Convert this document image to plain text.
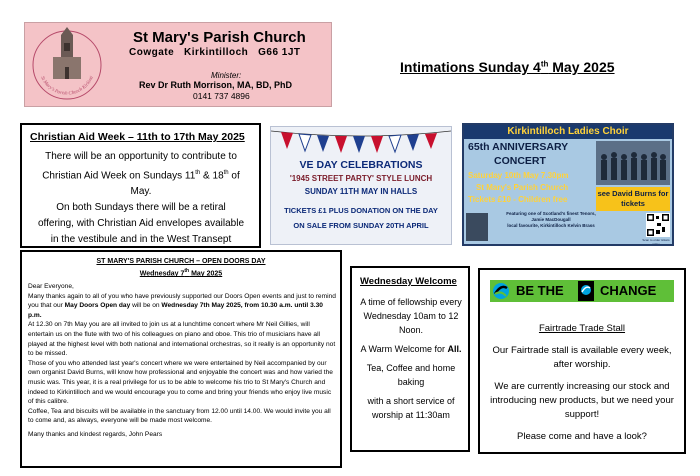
St Mary's Parish Church Kirkinti
St Mary's Parish Church
Cowgate   Kirkintilloch   G66 1JT
Minister:
Rev Dr Ruth Morrison, MA, BD, PhD
0141 737 4896
Intimations Sunday 4th May 2025
Christian Aid Week – 11th to 17th May 2025
There will be an opportunity to contribute to
Christian Aid Week on Sundays 11th & 18th of
May.
On both Sundays there will be a retiral
offering, with Christian Aid envelopes available
in the vestibule and in the West Transept
VE DAY CELEBRATIONS
'1945 STREET PARTY' STYLE LUNCH
SUNDAY 11TH MAY IN HALLS
TICKETS £1 PLUS DONATION ON THE DAY
ON SALE FROM SUNDAY 20TH APRIL
Kirkintilloch Ladies Choir
65th ANNIVERSARY
CONCERT
Saturday 10th May 7.30pm
St Mary's Parish Church
Tickets £10 - Children free
see David Burns for tickets
Featuring one of Scotland's finest Tenors,
Jamie MacDougall
local favourite, Kirkintilloch Kelvin Brass
Scan to order tickets online
ST MARY'S PARISH CHURCH – OPEN DOORS DAY
Wednesday 7th May 2025

Dear Everyone,

Many thanks again to all of you who have previously supported our Doors Open events and just to remind you that our May Doors Open day will be on Wednesday 7th May 2025, from 10.30 a.m. until 3.30 p.m.

At 12.30 on 7th May you are all invited to join us at a lunchtime concert where Mr Neil Gillies, will entertain us on the flute with two of his colleagues on piano and oboe. This trio of musicians have all played at the highest level with both national and international orchestras, so it really is an opportunity not to be missed.

Those of you who attended last year's concert where we were entertained by Neil accompanied by our own organist David Burns, will know how professional and enjoyable the concert was and how varied the music was. This year, it is a real privilege for us to be able to welcome his trio to St Mary's Church and indeed to Kirkintilloch and we would encourage you to come and bring your friends who enjoy live music of this calibre.

Coffee, Tea and biscuits will be available in the sanctuary from 12.00 until 14.00. We would invite you all to come and, as always, everyone will be made most welcome.

Many thanks and kindest regards, John Pears

Wednesday Welcome

A time of fellowship every Wednesday 10am to 12 Noon.

A Warm Welcome for All.

Tea, Coffee and home baking

with a short service of worship at 11:30am

BE THE	CHANGE
Fairtrade Trade Stall

Our Fairtrade stall is available every week, after worship.

We are currently increasing our stock and introducing new products, but we need your support!

Please come and have a look?
